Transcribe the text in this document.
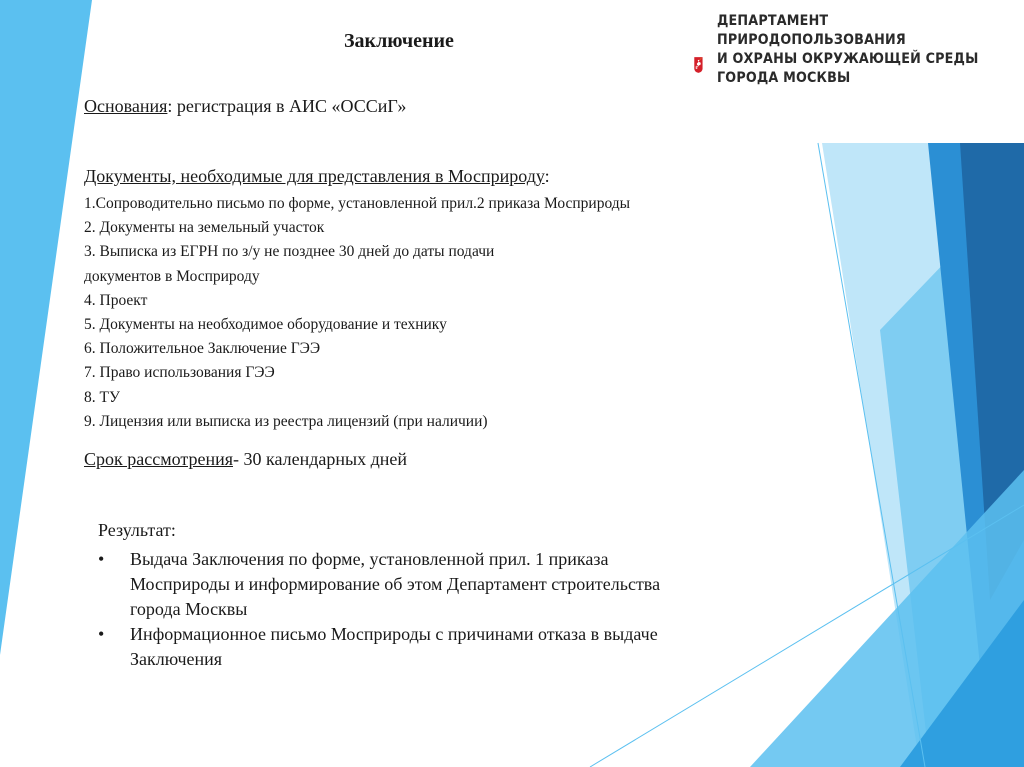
Заключение
ДЕПАРТАМЕНТ
ПРИРОДОПОЛЬЗОВАНИЯ
И ОХРАНЫ ОКРУЖАЮЩЕЙ СРЕДЫ
ГОРОДА МОСКВЫ
Основания: регистрация в АИС «ОССиГ»
Документы, необходимые для представления в Мосприроду:
1.Сопроводительно письмо по форме, установленной прил.2 приказа Мосприроды
2. Документы на земельный участок
3. Выписка из ЕГРН по з/у не позднее 30 дней до даты подачи
документов в Мосприроду
4. Проект
5. Документы на необходимое оборудование и технику
6. Положительное Заключение ГЭЭ
7. Право использования ГЭЭ
8. ТУ
9. Лицензия или выписка из реестра лицензий (при наличии)
Срок рассмотрения- 30 календарных дней
Результат:
• Выдача Заключения по форме, установленной прил. 1 приказа
Мосприроды и информирование об этом Департамент строительства
города Москвы
• Информационное письмо Мосприроды с причинами отказа в выдаче
Заключения
